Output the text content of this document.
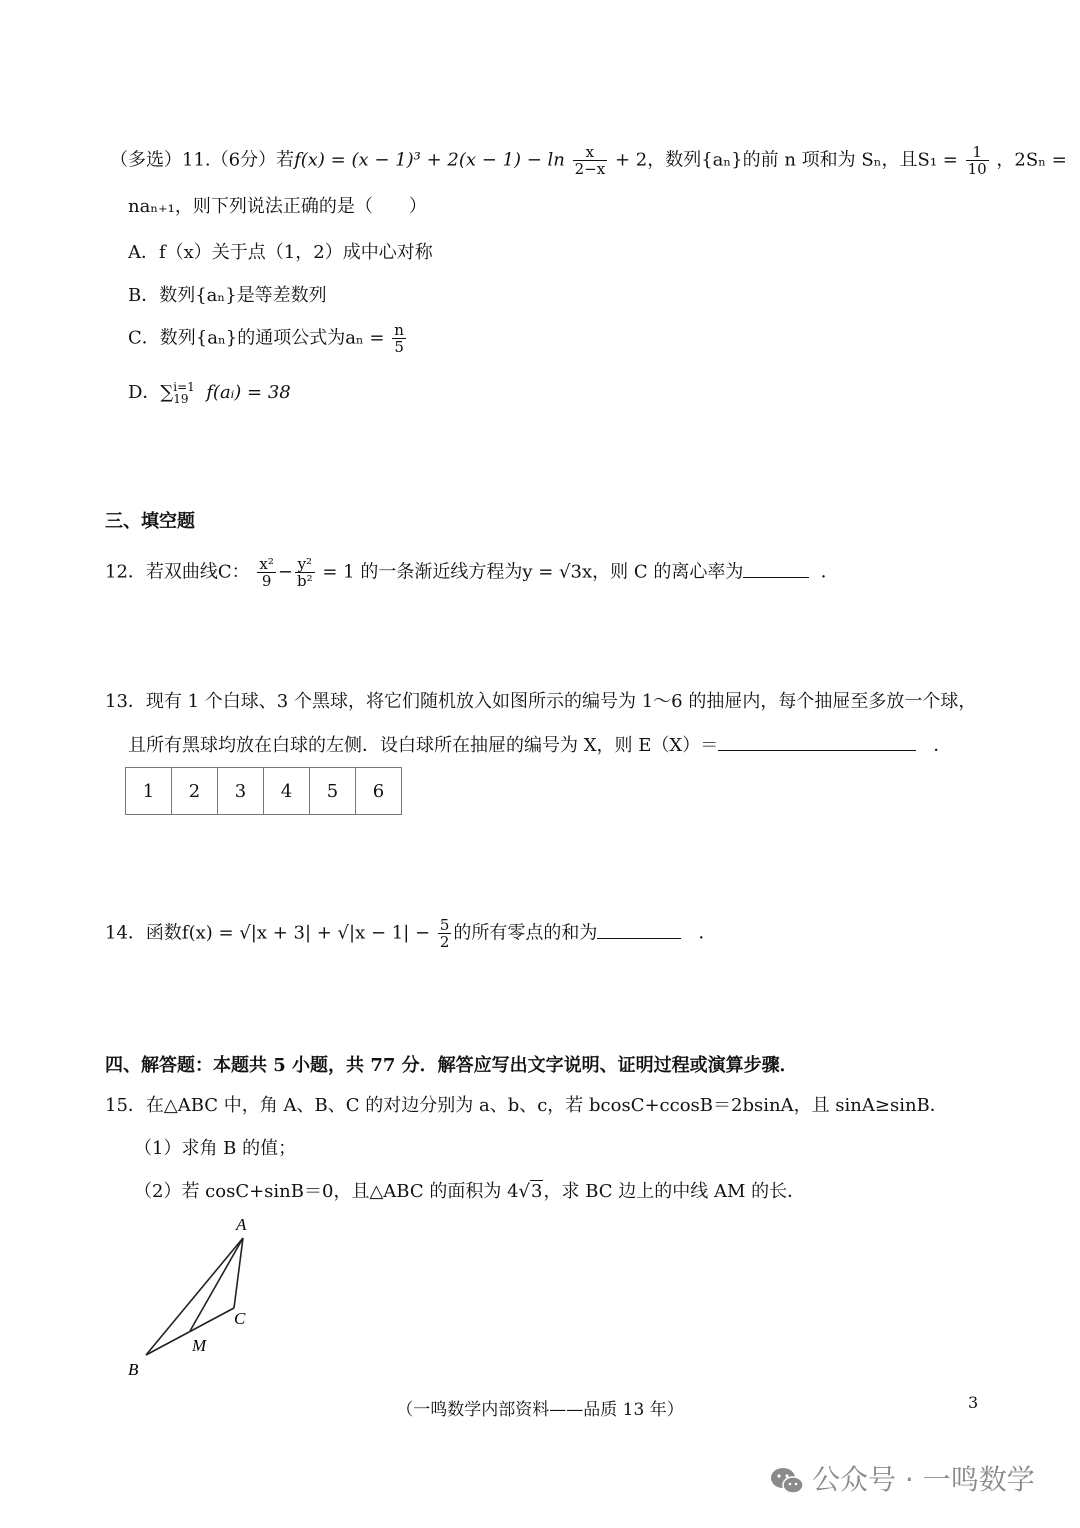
（多选）11.（6分）若$f(x) = (x - 1)^3 + 2(x - 1) - \ln \frac{x}{2-x} + 2$，数列{aₙ}的前 n 项和为 Sₙ，且$S_1 = \frac{1}{10}$ ，2Sₙ =
naₙ₊₁，则下列说法正确的是（　　）
A．f（x）关于点（1，2）成中心对称
B．数列{aₙ}是等差数列
C．数列{aₙ}的通项公式为$a_n = \frac{n}{5}$
D．∑ i=1
19 f(aᵢ) = 38
三、填空题
12．若双曲线C： $\frac{\text{x²}}{9} - \frac{\text{y²}}{\text{b²}} = 1$ 的一条渐近线方程为y = √3x，则 C 的离心率为	．
13．现有 1 个白球、3 个黑球，将它们随机放入如图所示的编号为 1～6 的抽屉内，每个抽屉至多放一个球，
且所有黑球均放在白球的左侧．设白球所在抽屉的编号为 X，则 E（X）＝	．
1	2	3	4	5	6
14．函数$f(x) = √|x + 3| + √|x - 1| - \frac{5}{2}$ 的所有零点的和为	．
四、解答题：本题共 5 小题，共 77 分．解答应写出文字说明、证明过程或演算步骤．
15．在△ABC 中，角 A、B、C 的对边分别为 a、b、c，若 bcosC+ccosB＝2bsinA，且 sinA≥sinB．
（1）求角 B 的值；
（2）若 cosC+sinB＝0，且△ABC 的面积为 4√3，求 BC 边上的中线 AM 的长．
A
C
M
B
（一鸣数学内部资料——品质 13 年）	3
公众号 · 一鸣数学
